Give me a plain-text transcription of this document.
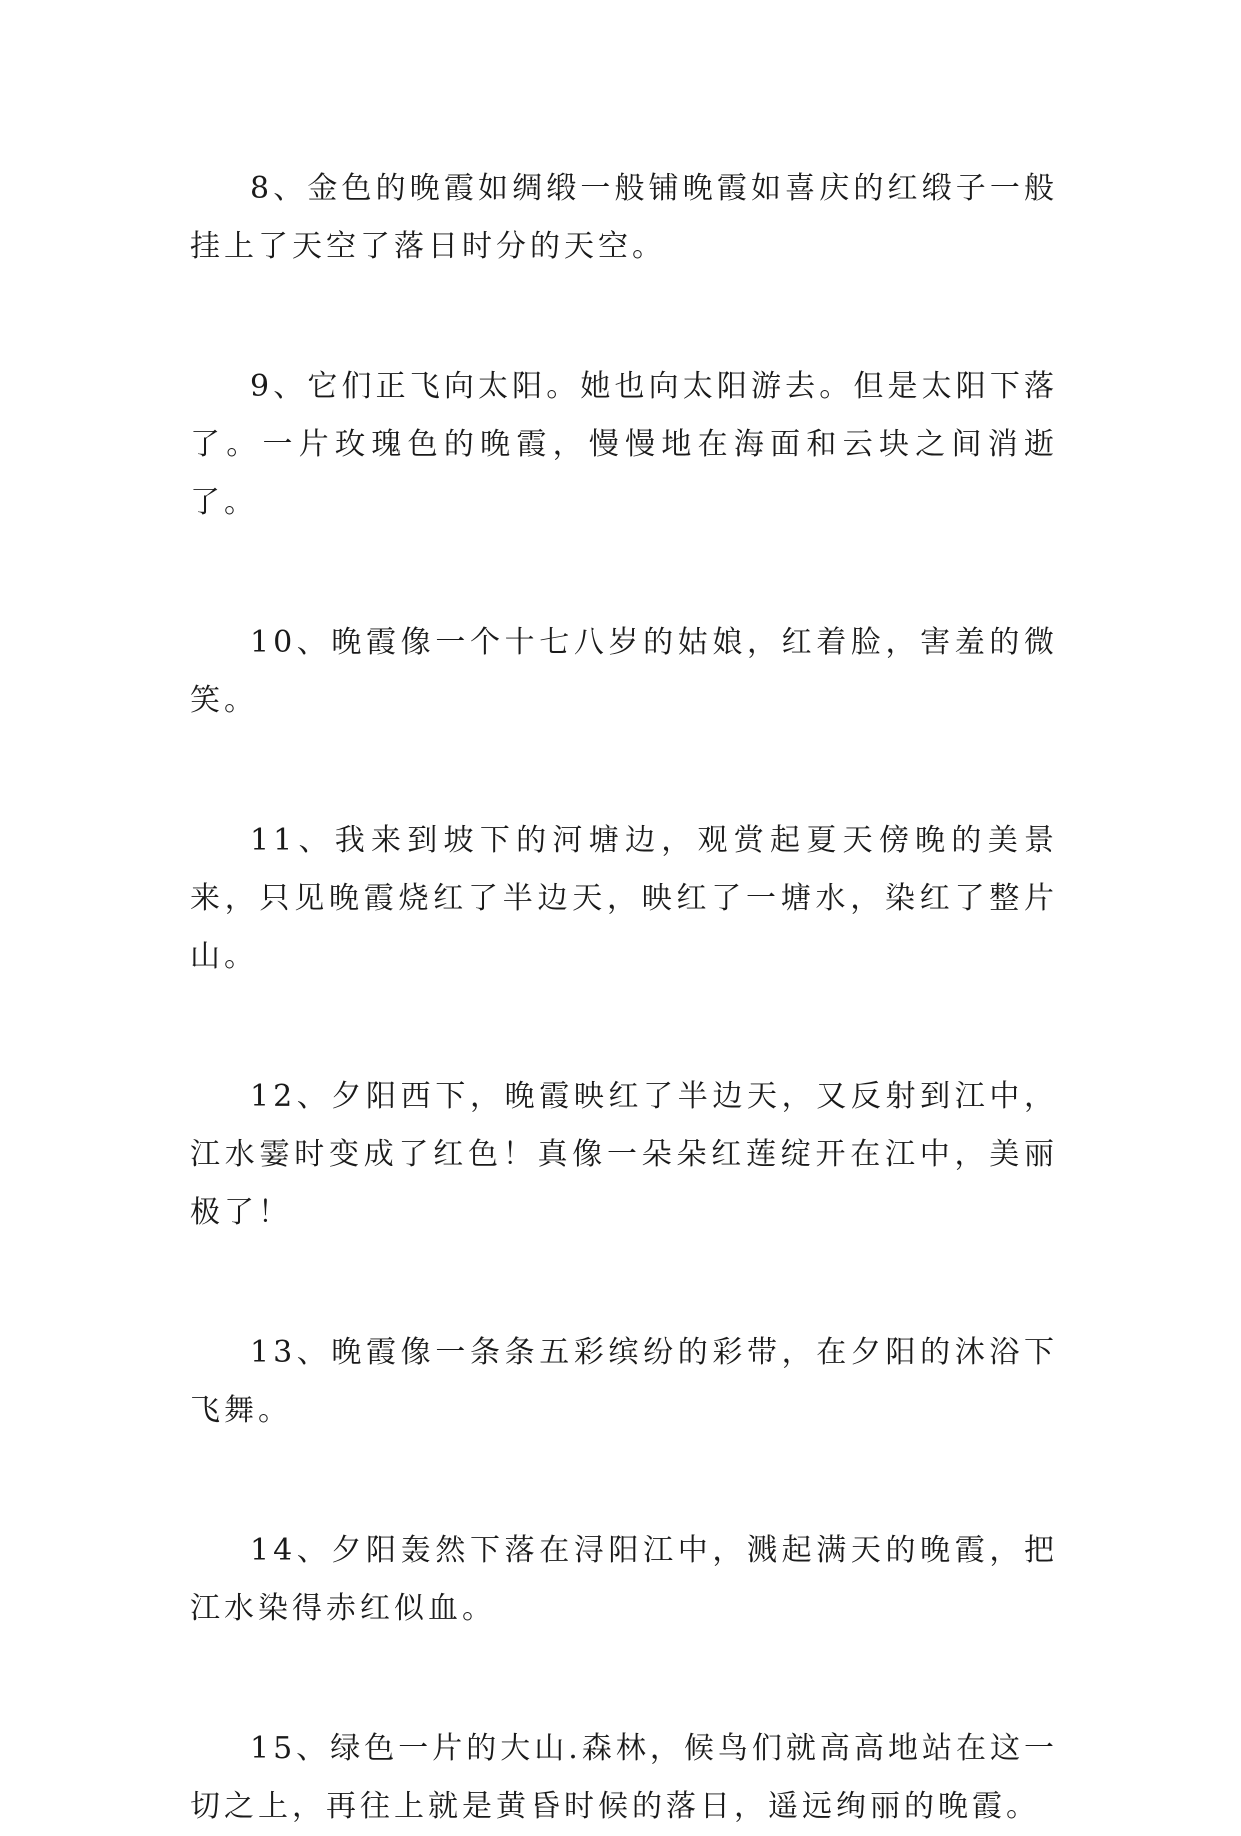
8、金色的晚霞如绸缎一般铺晚霞如喜庆的红缎子一般挂上了天空了落日时分的天空。

9、它们正飞向太阳。她也向太阳游去。但是太阳下落了。一片玫瑰色的晚霞，慢慢地在海面和云块之间消逝了。

10、晚霞像一个十七八岁的姑娘，红着脸，害羞的微笑。

11、我来到坡下的河塘边，观赏起夏天傍晚的美景来，只见晚霞烧红了半边天，映红了一塘水，染红了整片山。

12、夕阳西下，晚霞映红了半边天，又反射到江中，江水霎时变成了红色！真像一朵朵红莲绽开在江中，美丽极了！

13、晚霞像一条条五彩缤纷的彩带，在夕阳的沐浴下飞舞。

14、夕阳轰然下落在浔阳江中，溅起满天的晚霞，把江水染得赤红似血。

15、绿色一片的大山.森林，候鸟们就高高地站在这一切之上，再往上就是黄昏时候的落日，遥远绚丽的晚霞。
